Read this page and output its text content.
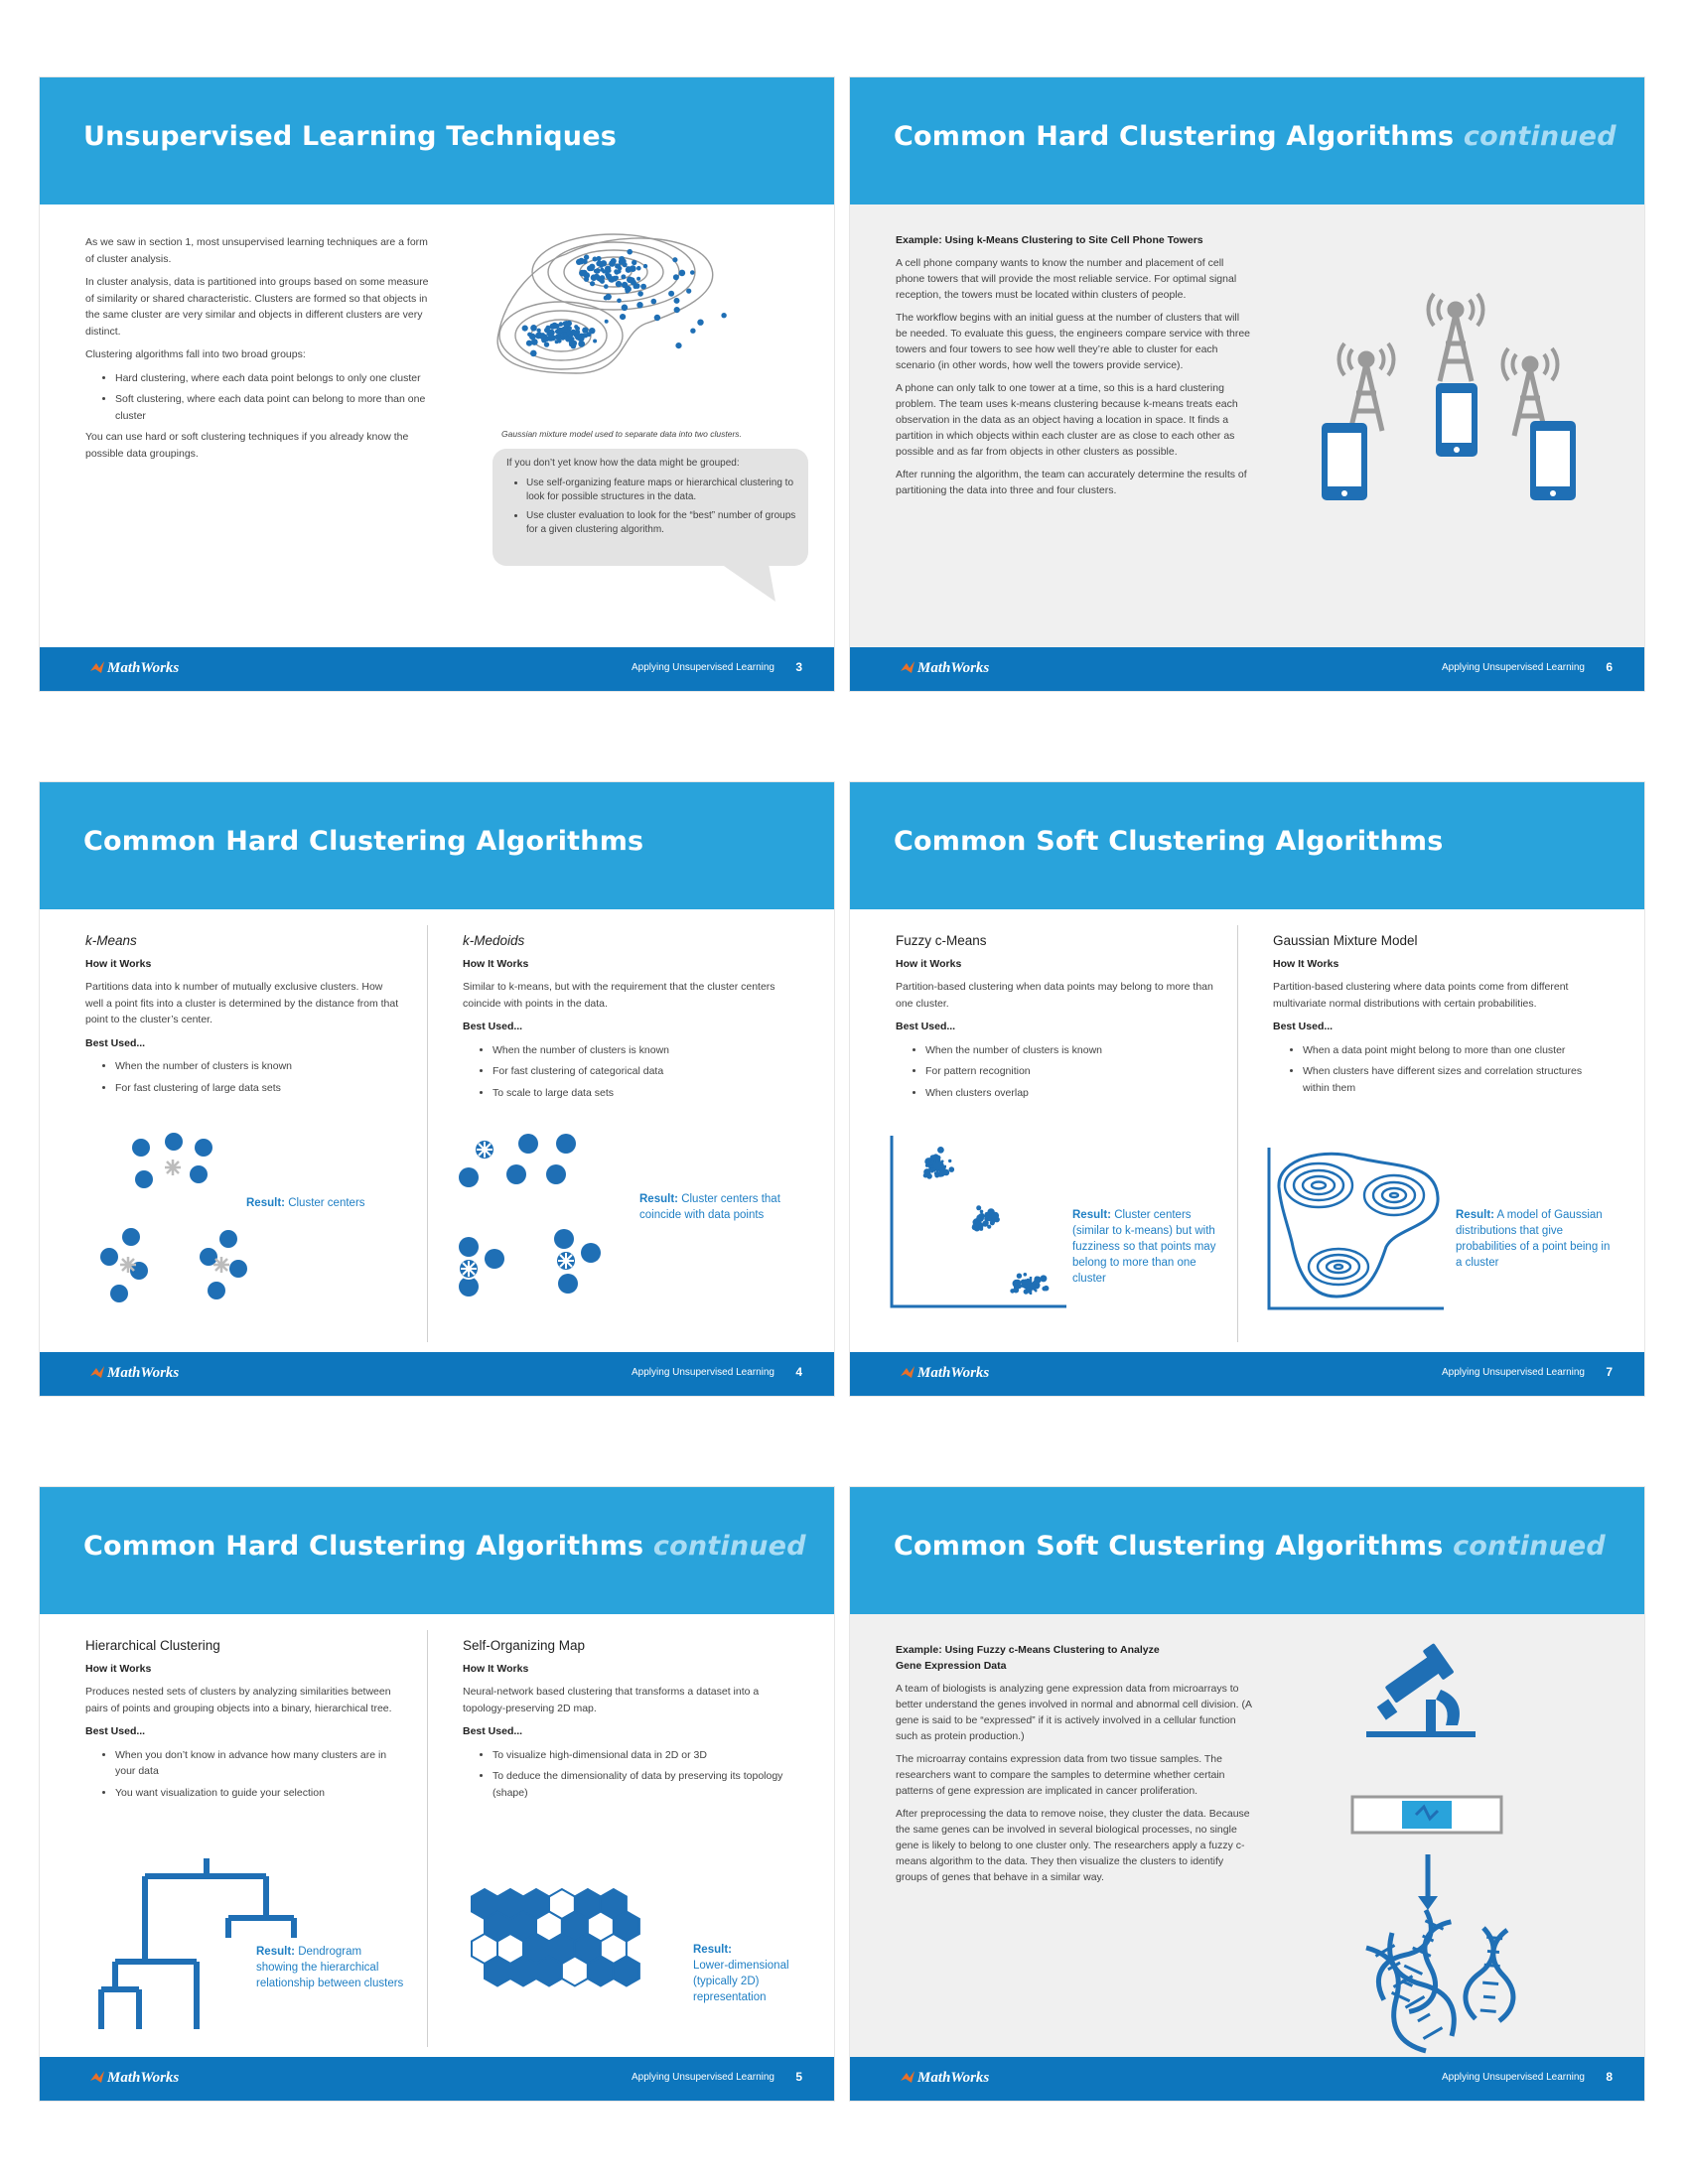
Unsupervised Learning Techniques

As we saw in section 1, most unsupervised learning techniques are a form of cluster analysis.

In cluster analysis, data is partitioned into groups based on some measure of similarity or shared characteristic. Clusters are formed so that objects in the same cluster are very similar and objects in different clusters are very distinct.

Clustering algorithms fall into two broad groups:

• Hard clustering, where each data point belongs to only one cluster
• Soft clustering, where each data point can belong to more than one cluster

You can use hard or soft clustering techniques if you already know the possible data groupings.

Gaussian mixture model used to separate data into two clusters.

If you don’t yet know how the data might be grouped:

• Use self-organizing feature maps or hierarchical clustering to look for possible structures in the data.
• Use cluster evaluation to look for the “best” number of groups for a given clustering algorithm.
MathWorks	Applying Unsupervised Learning 3
Common Hard Clustering Algorithms continued

Example: Using k-Means Clustering to Site Cell Phone Towers

A cell phone company wants to know the number and placement of cell phone towers that will provide the most reliable service. For optimal signal reception, the towers must be located within clusters of people.

The workflow begins with an initial guess at the number of clusters that will be needed. To evaluate this guess, the engineers compare service with three towers and four towers to see how well they’re able to cluster for each scenario (in other words, how well the towers provide service).

A phone can only talk to one tower at a time, so this is a hard clustering problem. The team uses k-means clustering because k-means treats each observation in the data as an object having a location in space. It finds a partition in which objects within each cluster are as close to each other as possible and as far from objects in other clusters as possible.

After running the algorithm, the team can accurately determine the results of partitioning the data into three and four clusters.

MathWorks	Applying Unsupervised Learning 6
Common Hard Clustering Algorithms
k-Means

How it Works

Partitions data into k number of mutually exclusive clusters. How well a point fits into a cluster is determined by the distance from that point to the cluster’s center.

Best Used...

• When the number of clusters is known
• For fast clustering of large data sets
Result: Cluster centers
k-Medoids

How It Works

Similar to k-means, but with the requirement that the cluster centers coincide with points in the data.

Best Used...

• When the number of clusters is known
• For fast clustering of categorical data
• To scale to large data sets
Result: Cluster centers that coincide with data points
MathWorks	Applying Unsupervised Learning 4
Common Soft Clustering Algorithms
Fuzzy c-Means

How it Works

Partition-based clustering when data points may belong to more than one cluster.

Best Used...

• When the number of clusters is known
• For pattern recognition
• When clusters overlap
Result: Cluster centers (similar to k-means) but with fuzziness so that points may belong to more than one cluster
Gaussian Mixture Model

How It Works

Partition-based clustering where data points come from different multivariate normal distributions with certain probabilities.

Best Used...

• When a data point might belong to more than one cluster
• When clusters have different sizes and correlation structures within them
Result: A model of Gaussian distributions that give probabilities of a point being in a cluster
MathWorks	Applying Unsupervised Learning 7
Common Hard Clustering Algorithms continued
Hierarchical Clustering

How it Works

Produces nested sets of clusters by analyzing similarities between pairs of points and grouping objects into a binary, hierarchical tree.

Best Used...

• When you don’t know in advance how many clusters are in your data
• You want visualization to guide your selection
Result: Dendrogram showing the hierarchical relationship between clusters
Self-Organizing Map

How It Works

Neural-network based clustering that transforms a dataset into a topology-preserving 2D map.

Best Used...

• To visualize high-dimensional data in 2D or 3D
• To deduce the dimensionality of data by preserving its topology (shape)
Result:
Lower-dimensional (typically 2D) representation
MathWorks	Applying Unsupervised Learning 5
Common Soft Clustering Algorithms continued

Example: Using Fuzzy c-Means Clustering to Analyze Gene Expression Data

A team of biologists is analyzing gene expression data from microarrays to better understand the genes involved in normal and abnormal cell division. (A gene is said to be “expressed” if it is actively involved in a cellular function such as protein production.)

The microarray contains expression data from two tissue samples. The researchers want to compare the samples to determine whether certain patterns of gene expression are implicated in cancer proliferation.

After preprocessing the data to remove noise, they cluster the data. Because the same genes can be involved in several biological processes, no single gene is likely to belong to one cluster only. The researchers apply a fuzzy c-means algorithm to the data. They then visualize the clusters to identify groups of genes that behave in a similar way.

MathWorks	Applying Unsupervised Learning 8
